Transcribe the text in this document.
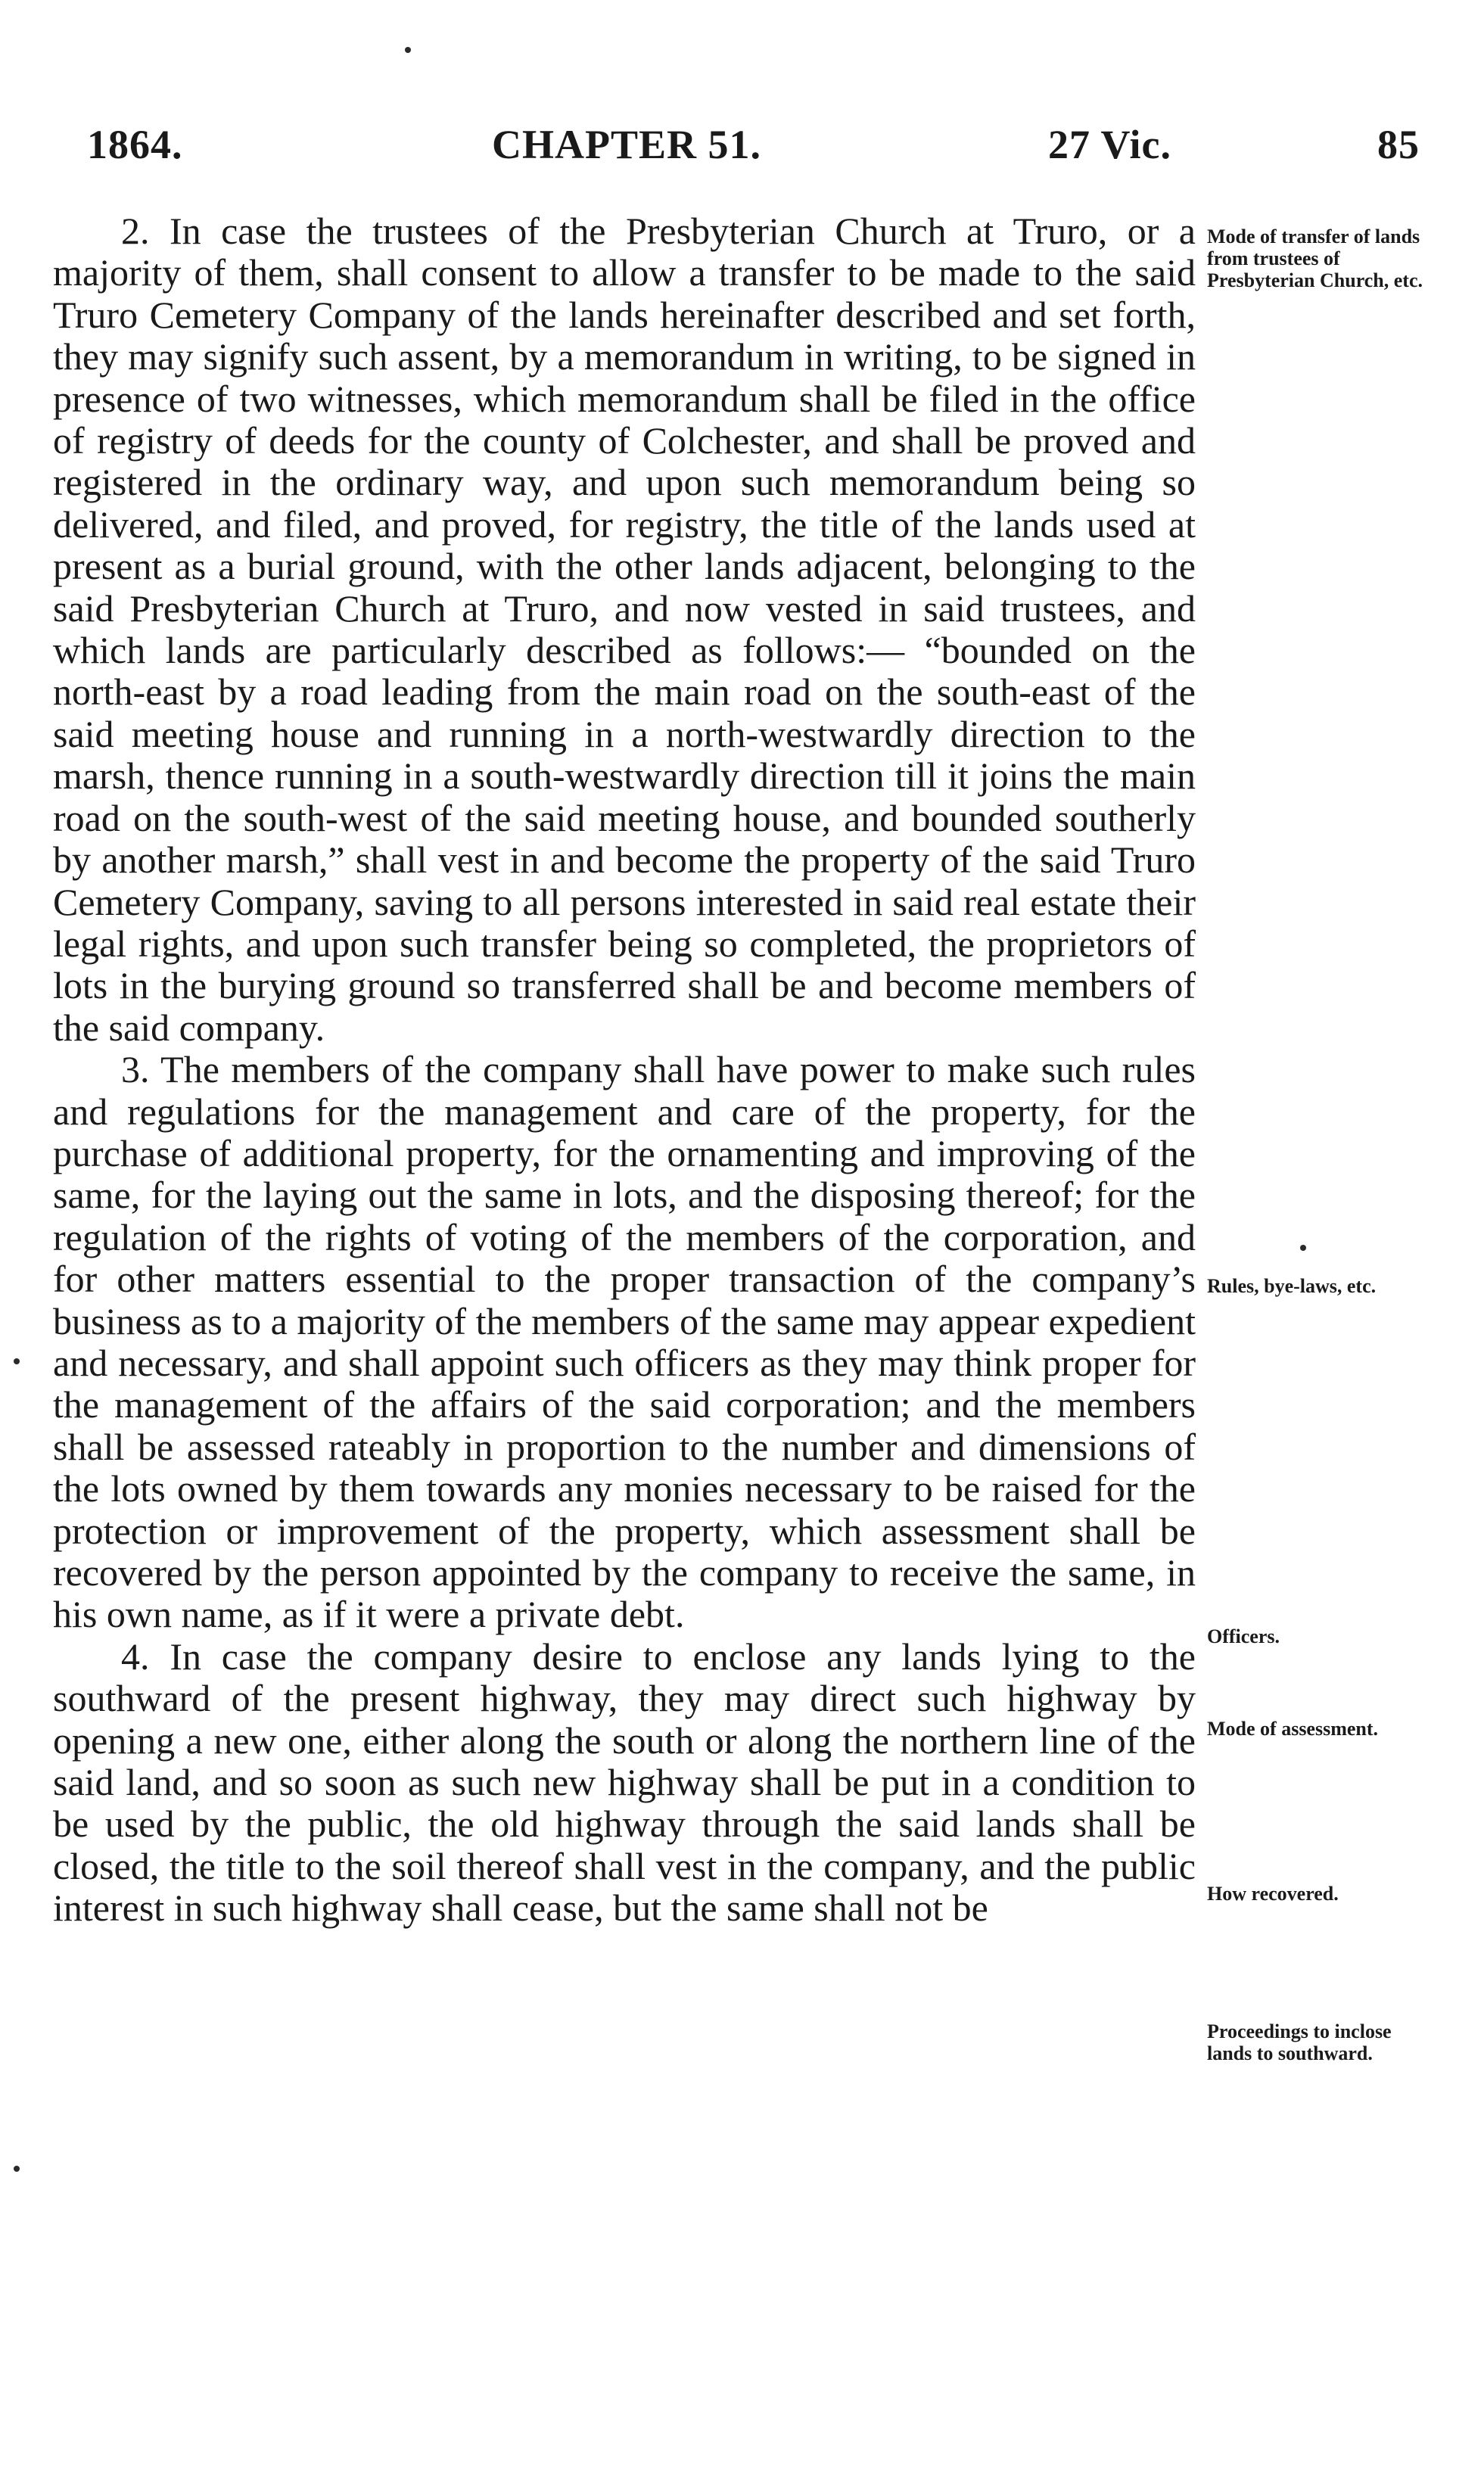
1864.	CHAPTER 51.	27 Vic.	85

2. In case the trustees of the Presbyterian Church at Truro, or a majority of them, shall consent to allow a transfer to be made to the said Truro Cemetery Company of the lands hereinafter described and set forth, they may signify such assent, by a memorandum in writing, to be signed in presence of two witnesses, which memorandum shall be filed in the office of registry of deeds for the county of Colchester, and shall be proved and registered in the ordinary way, and upon such memorandum being so delivered, and filed, and proved, for registry, the title of the lands used at present as a burial ground, with the other lands adjacent, belonging to the said Presbyterian Church at Truro, and now vested in said trustees, and which lands are particularly described as follows:— “bounded on the north-east by a road leading from the main road on the south-east of the said meeting house and running in a north-westwardly direction to the marsh, thence running in a south-westwardly direction till it joins the main road on the south-west of the said meeting house, and bounded southerly by another marsh,” shall vest in and become the property of the said Truro Cemetery Company, saving to all persons interested in said real estate their legal rights, and upon such transfer being so completed, the proprietors of lots in the burying ground so transferred shall be and become members of the said company.

3. The members of the company shall have power to make such rules and regulations for the management and care of the property, for the purchase of additional property, for the ornamenting and improving of the same, for the laying out the same in lots, and the disposing thereof; for the regulation of the rights of voting of the members of the corporation, and for other matters essential to the proper transaction of the company’s business as to a majority of the members of the same may appear expedient and necessary, and shall appoint such officers as they may think proper for the management of the affairs of the said corporation; and the members shall be assessed rateably in proportion to the number and dimensions of the lots owned by them towards any monies necessary to be raised for the protection or improvement of the property, which assessment shall be recovered by the person appointed by the company to receive the same, in his own name, as if it were a private debt.

4. In case the company desire to enclose any lands lying to the southward of the present highway, they may direct such highway by opening a new one, either along the south or along the northern line of the said land, and so soon as such new highway shall be put in a condition to be used by the public, the old highway through the said lands shall be closed, the title to the soil thereof shall vest in the company, and the public interest in such highway shall cease, but the same shall not be

Mode of transfer of lands from trustees of Presbyterian Church, etc.
Rules, bye-laws, etc.
Officers.
Mode of assessment.
How recovered.
Proceedings to inclose lands to southward.
